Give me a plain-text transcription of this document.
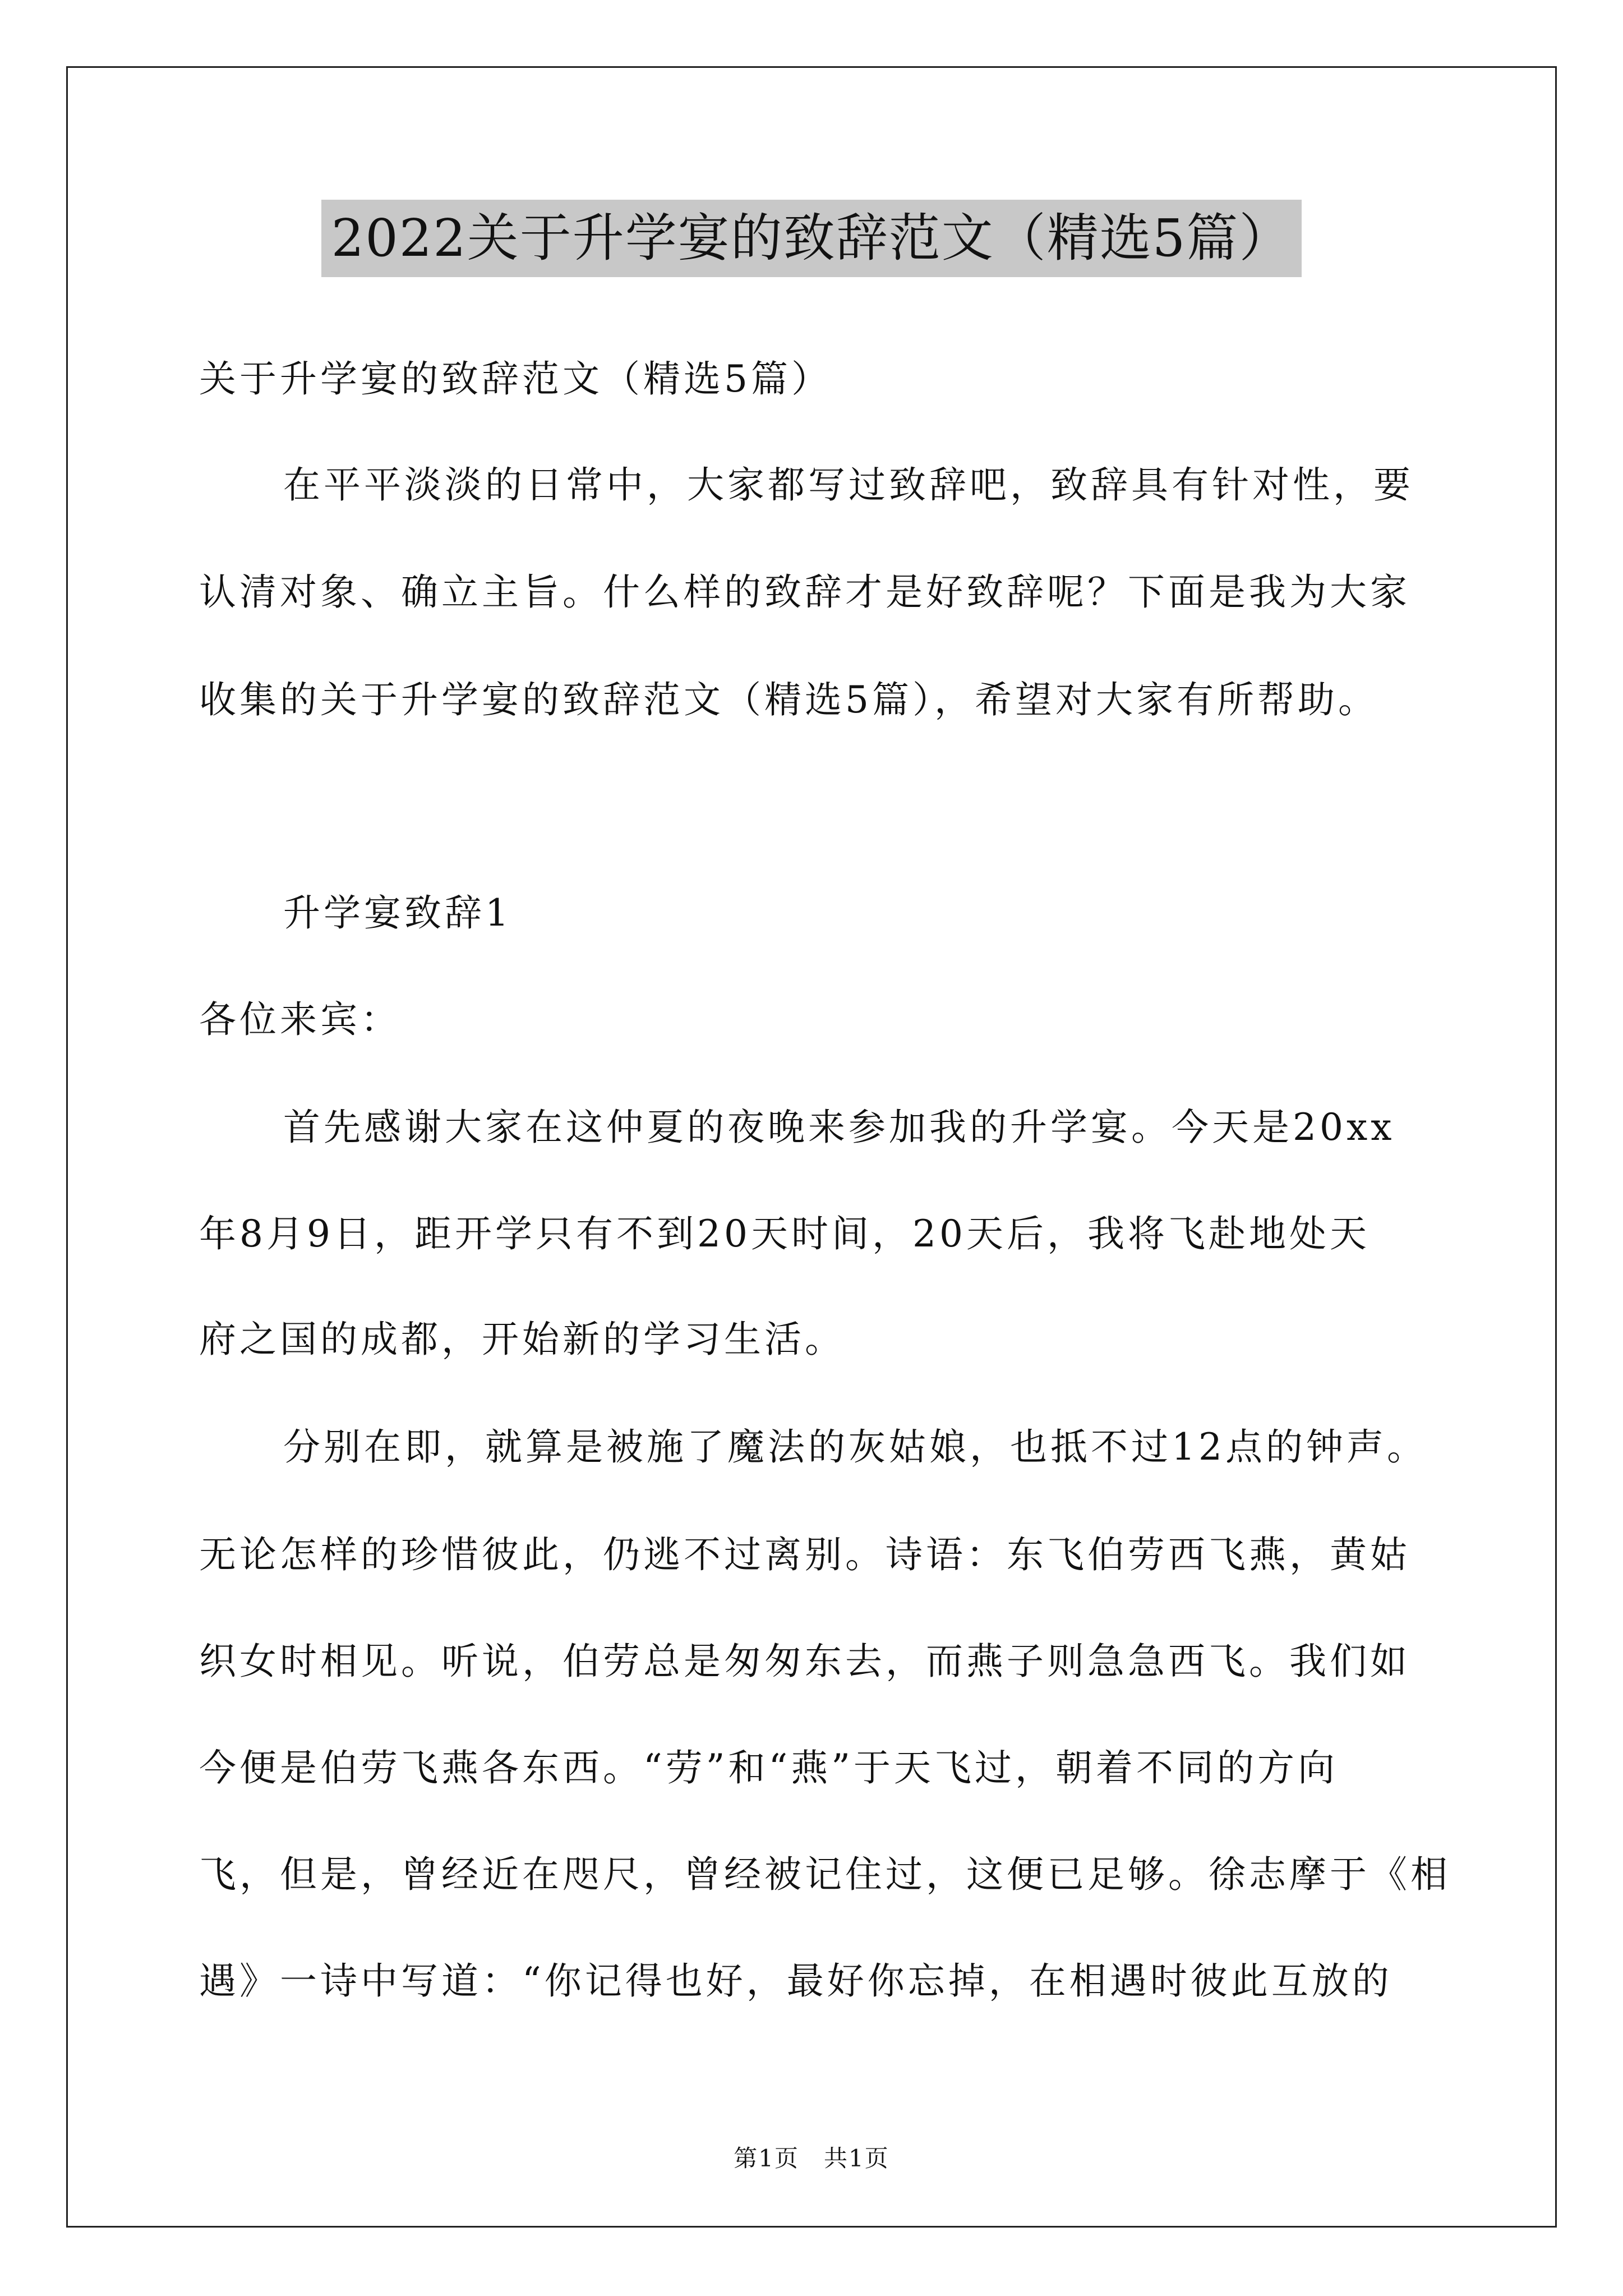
2022关于升学宴的致辞范文（精选5篇）
关于升学宴的致辞范文（精选5篇）
在平平淡淡的日常中，大家都写过致辞吧，致辞具有针对性，要
认清对象、确立主旨。什么样的致辞才是好致辞呢？下面是我为大家
收集的关于升学宴的致辞范文（精选5篇），希望对大家有所帮助。
升学宴致辞1
各位来宾：
首先感谢大家在这仲夏的夜晚来参加我的升学宴。今天是20xx
年8月9日，距开学只有不到20天时间，20天后，我将飞赴地处天
府之国的成都，开始新的学习生活。
分别在即，就算是被施了魔法的灰姑娘，也抵不过12点的钟声。
无论怎样的珍惜彼此，仍逃不过离别。诗语：东飞伯劳西飞燕，黄姑
织女时相见。听说，伯劳总是匆匆东去，而燕子则急急西飞。我们如
今便是伯劳飞燕各东西。“劳”和“燕”于天飞过，朝着不同的方向
飞，但是，曾经近在咫尺，曾经被记住过，这便已足够。徐志摩于《相
遇》一诗中写道：“你记得也好，最好你忘掉，在相遇时彼此互放的
第1页　共1页
